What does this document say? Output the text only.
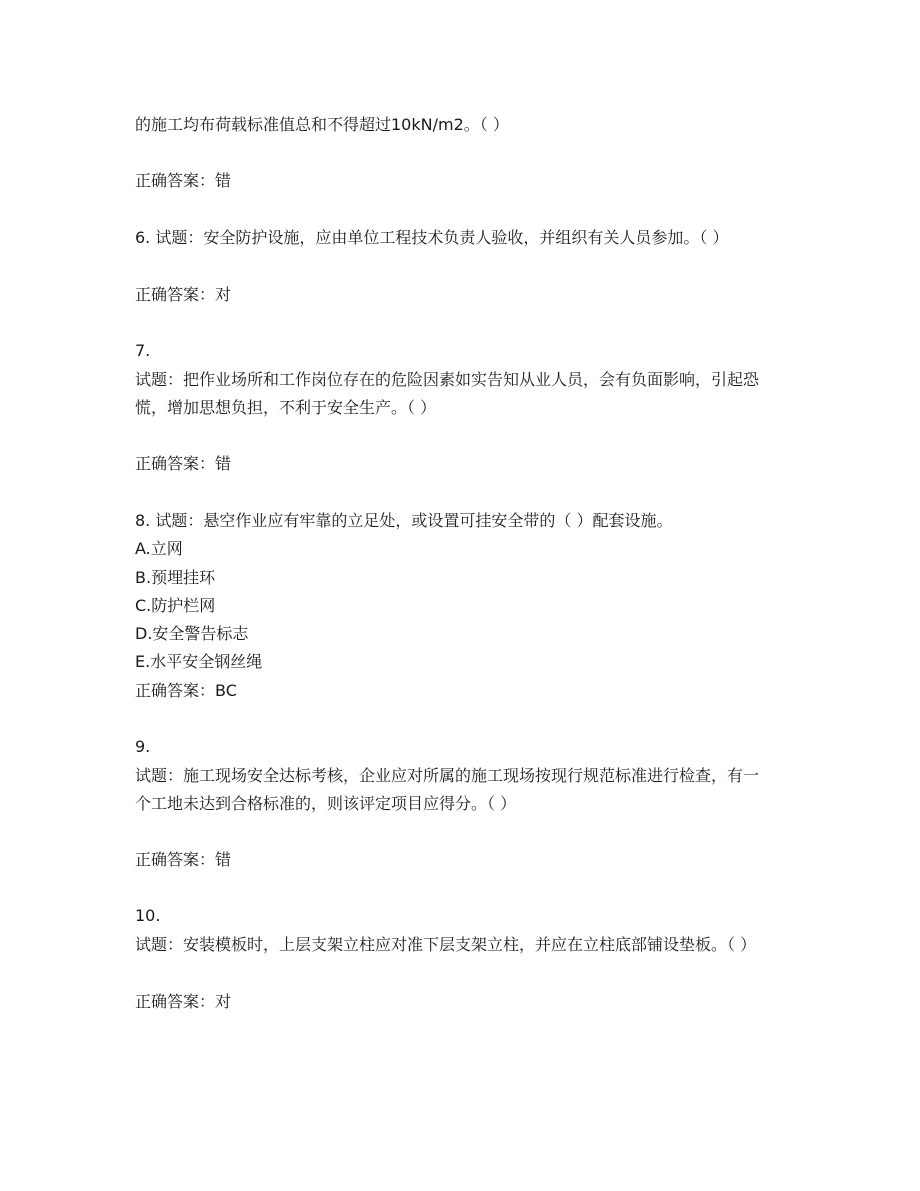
的施工均布荷载标准值总和不得超过10kN/m2。（ ）
正确答案：错
6. 试题：安全防护设施，应由单位工程技术负责人验收，并组织有关人员参加。（ ）
正确答案：对
7.
试题：把作业场所和工作岗位存在的危险因素如实告知从业人员，会有负面影响，引起恐
慌，增加思想负担，不利于安全生产。（ ）
正确答案：错
8. 试题：悬空作业应有牢靠的立足处，或设置可挂安全带的（ ）配套设施。
A.立网
B.预埋挂环
C.防护栏网
D.安全警告标志
E.水平安全钢丝绳
正确答案：BC
9.
试题：施工现场安全达标考核，企业应对所属的施工现场按现行规范标准进行检查，有一
个工地未达到合格标准的，则该评定项目应得分。（ ）
正确答案：错
10.
试题：安装模板时，上层支架立柱应对准下层支架立柱，并应在立柱底部铺设垫板。（ ）
正确答案：对
